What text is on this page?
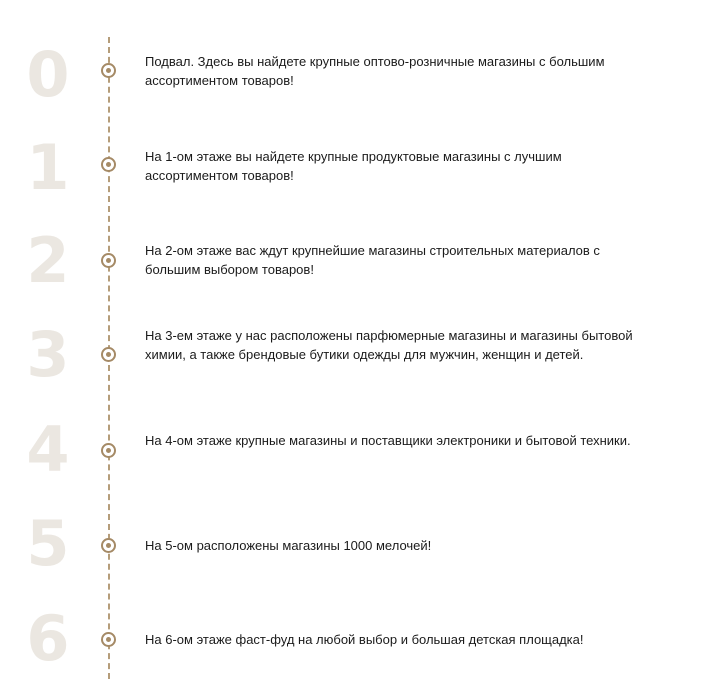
0	Подвал. Здесь вы найдете крупные оптово-розничные магазины с большим ассортиментом товаров!
1	На 1-ом этаже вы найдете крупные продуктовые магазины с лучшим ассортиментом товаров!
2	На 2-ом этаже вас ждут крупнейшие магазины строительных материалов с большим выбором товаров!
3	На 3-ем этаже у нас расположены парфюмерные магазины и магазины бытовой химии, а также брендовые бутики одежды для мужчин, женщин и детей.
4	На 4-ом этаже крупные магазины и поставщики электроники и бытовой техники.
5	На 5-ом расположены магазины 1000 мелочей!
6	На 6-ом этаже фаст-фуд на любой выбор и большая детская площадка!
